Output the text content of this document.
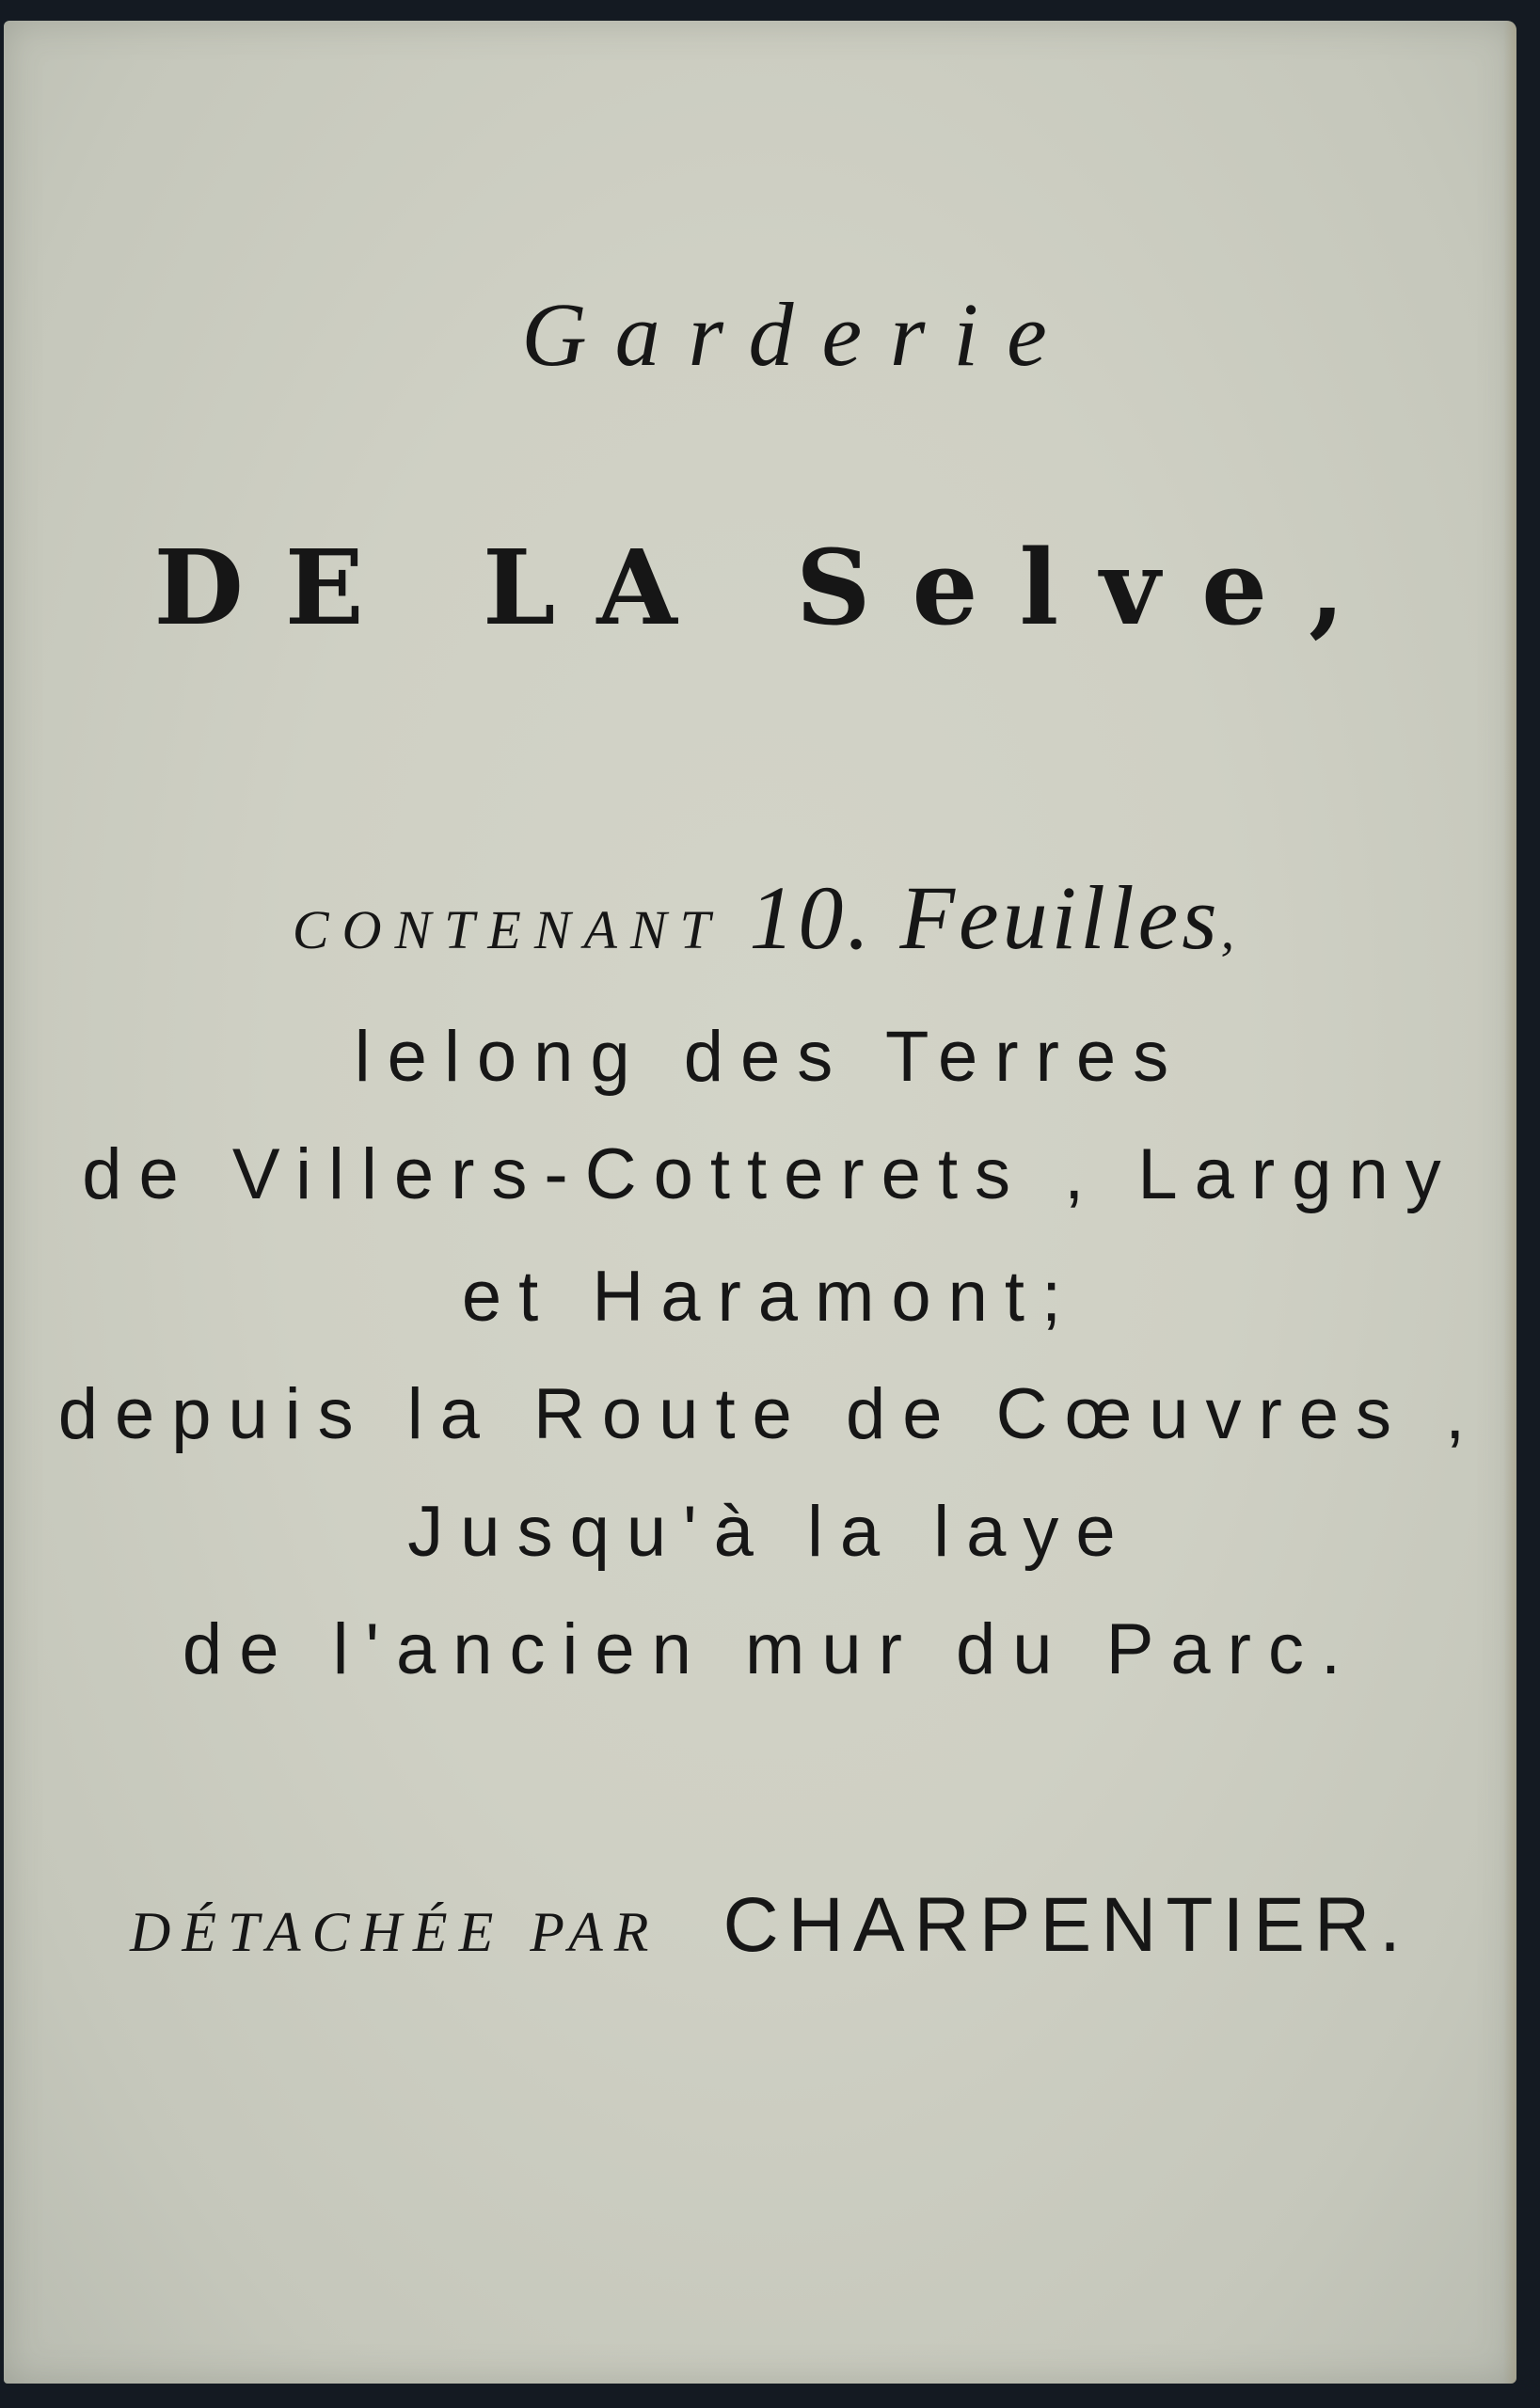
Garderie
DE LA Selve,
CONTENANT 10. Feuilles,
lelong des Terres
de Villers-Cotterets , Largny
et Haramont;
depuis la Route de Cœuvres ,
Jusqu'à la laye
de l'ancien mur du Parc.
DÉTACHÉE PAR CHARPENTIER.
